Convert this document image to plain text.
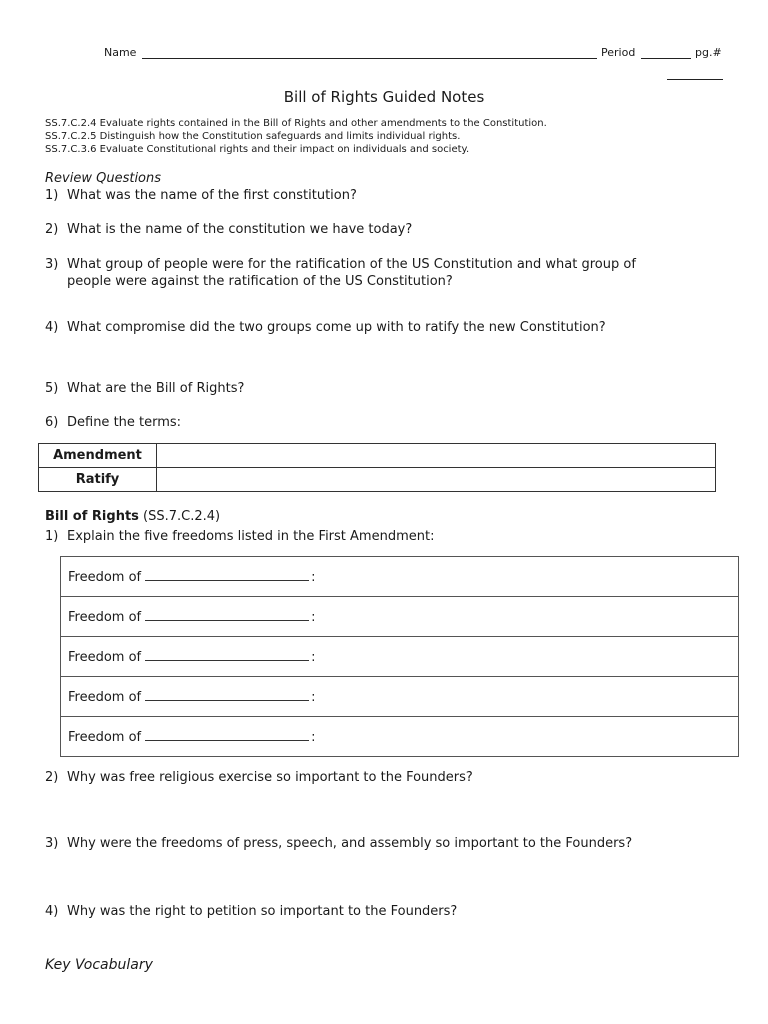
Name	Period	pg.#
Bill of Rights Guided Notes
SS.7.C.2.4 Evaluate rights contained in the Bill of Rights and other amendments to the Constitution.
SS.7.C.2.5 Distinguish how the Constitution safeguards and limits individual rights.
SS.7.C.3.6 Evaluate Constitutional rights and their impact on individuals and society.
Review Questions
1) What was the name of the first constitution?
2) What is the name of the constitution we have today?
3) What group of people were for the ratification of the US Constitution and what group of
people were against the ratification of the US Constitution?
4) What compromise did the two groups come up with to ratify the new Constitution?
5) What are the Bill of Rights?
6) Define the terms:
Amendment	
Ratify	
Bill of Rights (SS.7.C.2.4)
1) Explain the five freedoms listed in the First Amendment:
Freedom of	:
Freedom of	:
Freedom of	:
Freedom of	:
Freedom of	:
2) Why was free religious exercise so important to the Founders?
3) Why were the freedoms of press, speech, and assembly so important to the Founders?
4) Why was the right to petition so important to the Founders?
Key Vocabulary
